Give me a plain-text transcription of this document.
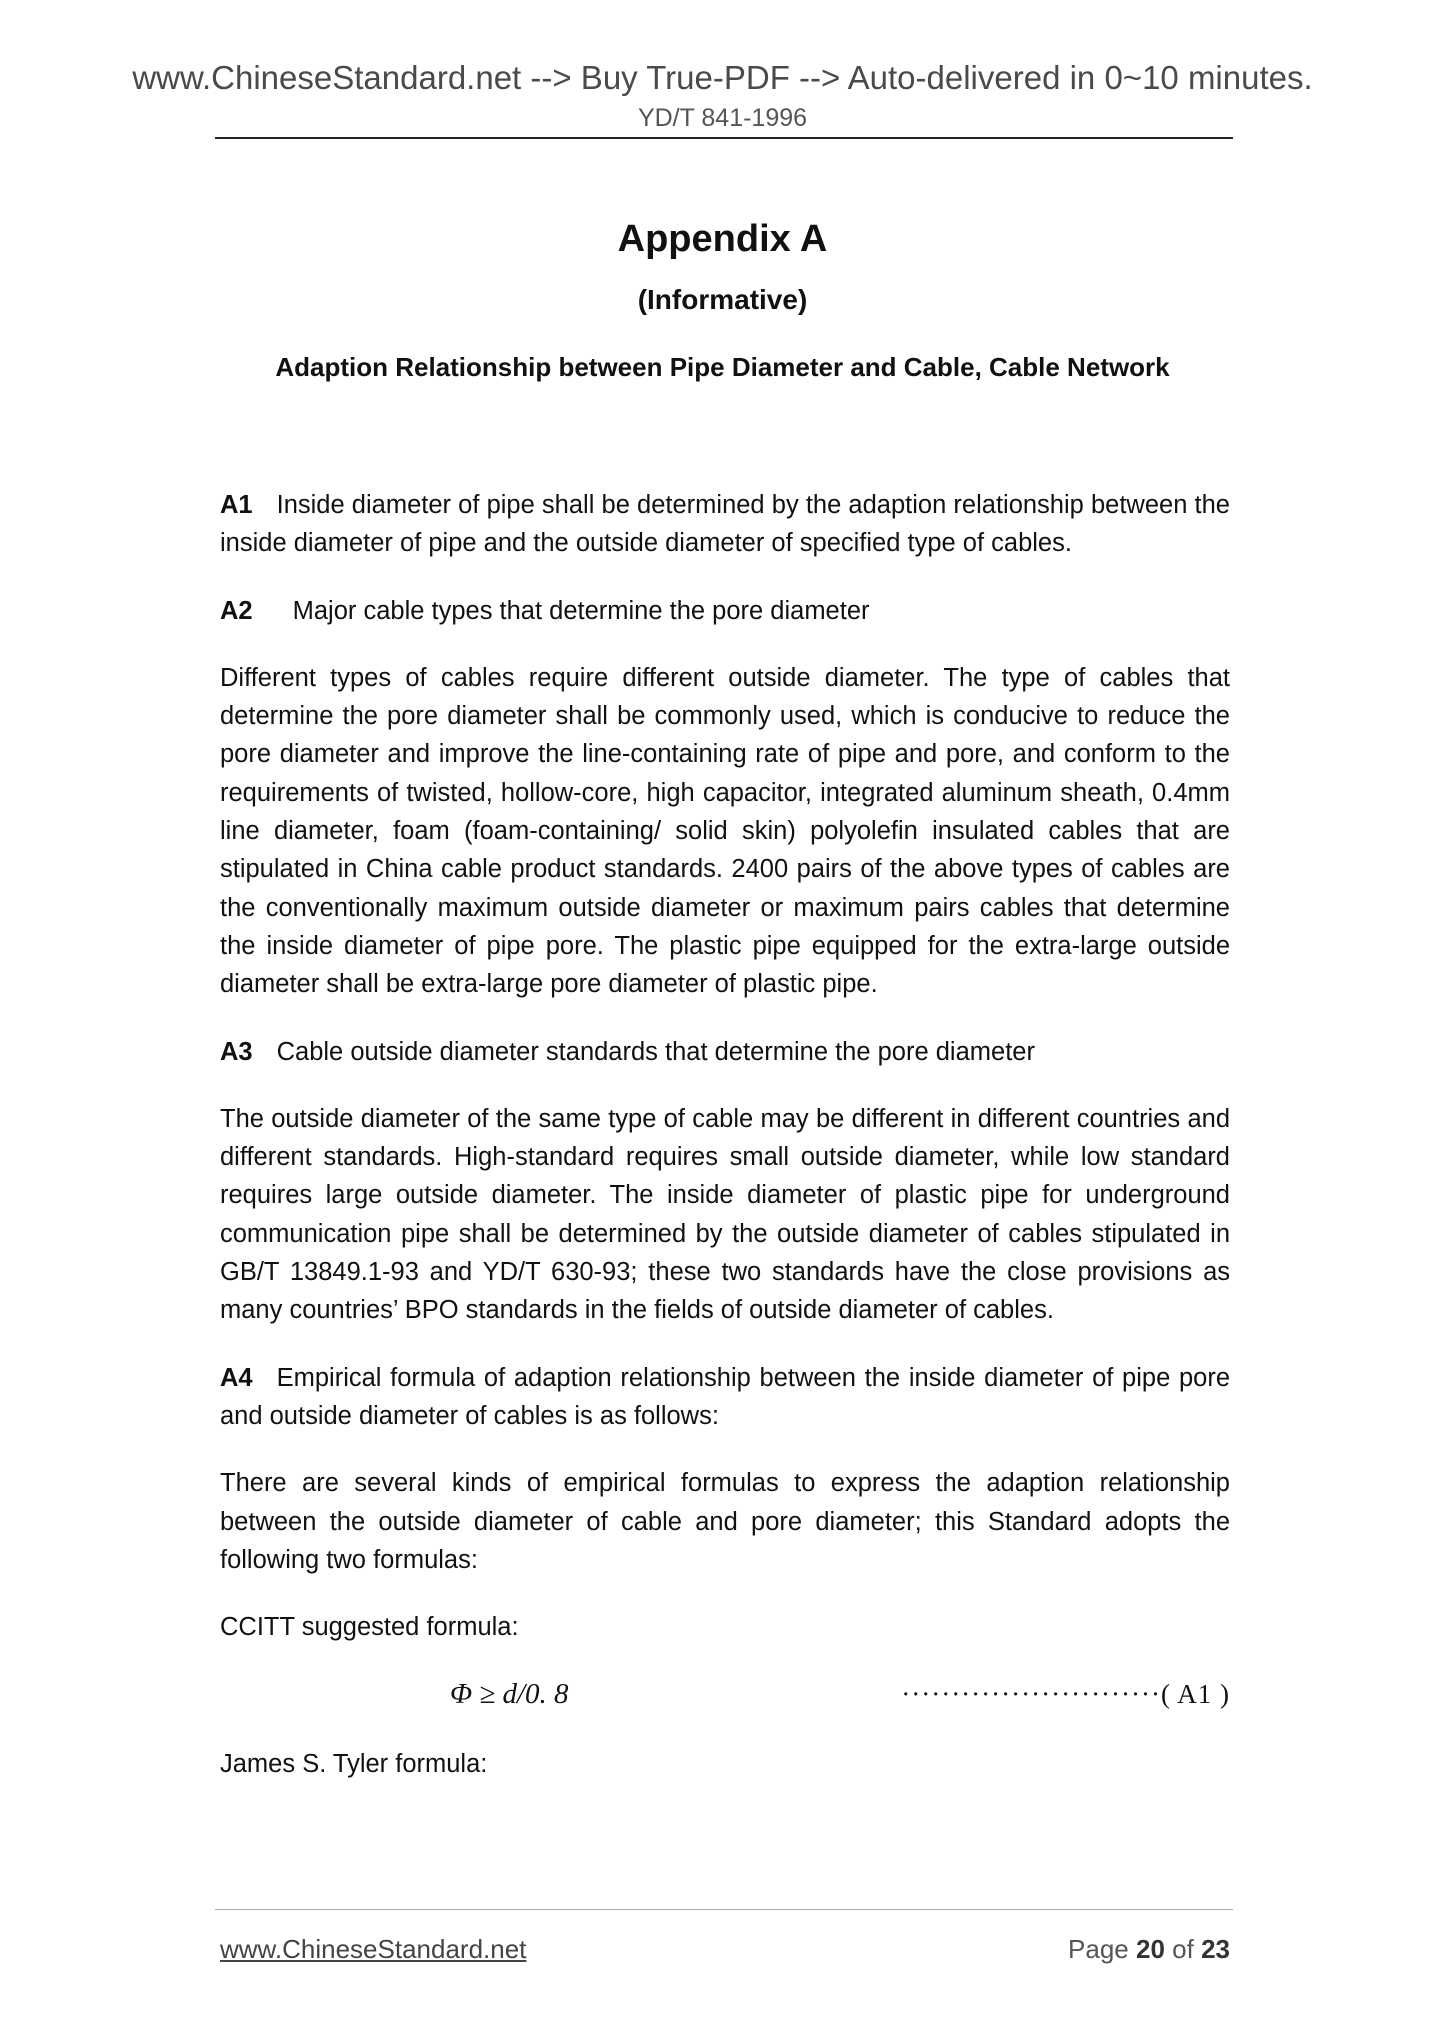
www.ChineseStandard.net --> Buy True-PDF --> Auto-delivered in 0~10 minutes.
YD/T 841-1996
Appendix A
(Informative)
Adaption Relationship between Pipe Diameter and Cable, Cable Network

A1 Inside diameter of pipe shall be determined by the adaption relationship between the inside diameter of pipe and the outside diameter of specified type of cables.

A2 Major cable types that determine the pore diameter

Different types of cables require different outside diameter. The type of cables that determine the pore diameter shall be commonly used, which is conducive to reduce the pore diameter and improve the line-containing rate of pipe and pore, and conform to the requirements of twisted, hollow-core, high capacitor, integrated aluminum sheath, 0.4mm line diameter, foam (foam-containing/ solid skin) polyolefin insulated cables that are stipulated in China cable product standards. 2400 pairs of the above types of cables are the conventionally maximum outside diameter or maximum pairs cables that determine the inside diameter of pipe pore. The plastic pipe equipped for the extra-large outside diameter shall be extra-large pore diameter of plastic pipe.

A3 Cable outside diameter standards that determine the pore diameter

The outside diameter of the same type of cable may be different in different countries and different standards. High-standard requires small outside diameter, while low standard requires large outside diameter. The inside diameter of plastic pipe for underground communication pipe shall be determined by the outside diameter of cables stipulated in GB/T 13849.1-93 and YD/T 630-93; these two standards have the close provisions as many countries’ BPO standards in the fields of outside diameter of cables.

A4 Empirical formula of adaption relationship between the inside diameter of pipe pore and outside diameter of cables is as follows:

There are several kinds of empirical formulas to express the adaption relationship between the outside diameter of cable and pore diameter; this Standard adopts the following two formulas:

CCITT suggested formula:

Φ ≥ d/0. 8	··························( A1 )

James S. Tyler formula:

www.ChineseStandard.net	Page 20 of 23
